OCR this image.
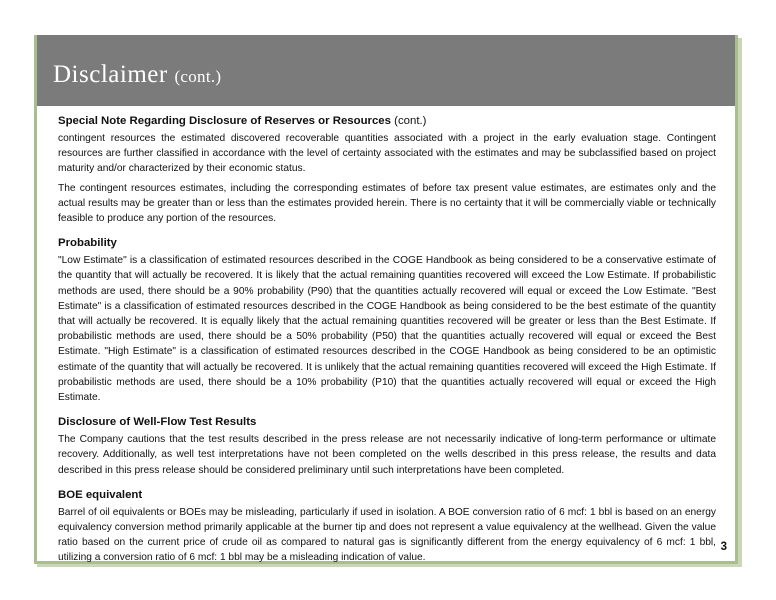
Disclaimer (cont.)
Special Note Regarding Disclosure of Reserves or Resources (cont.)
contingent resources the estimated discovered recoverable quantities associated with a project in the early evaluation stage. Contingent resources are further classified in accordance with the level of certainty associated with the estimates and may be subclassified based on project maturity and/or characterized by their economic status.
The contingent resources estimates, including the corresponding estimates of before tax present value estimates, are estimates only and the actual results may be greater than or less than the estimates provided herein. There is no certainty that it will be commercially viable or technically feasible to produce any portion of the resources.
Probability
"Low Estimate" is a classification of estimated resources described in the COGE Handbook as being considered to be a conservative estimate of the quantity that will actually be recovered. It is likely that the actual remaining quantities recovered will exceed the Low Estimate. If probabilistic methods are used, there should be a 90% probability (P90) that the quantities actually recovered will equal or exceed the Low Estimate. "Best Estimate" is a classification of estimated resources described in the COGE Handbook as being considered to be the best estimate of the quantity that will actually be recovered. It is equally likely that the actual remaining quantities recovered will be greater or less than the Best Estimate. If probabilistic methods are used, there should be a 50% probability (P50) that the quantities actually recovered will equal or exceed the Best Estimate. "High Estimate" is a classification of estimated resources described in the COGE Handbook as being considered to be an optimistic estimate of the quantity that will actually be recovered. It is unlikely that the actual remaining quantities recovered will exceed the High Estimate. If probabilistic methods are used, there should be a 10% probability (P10) that the quantities actually recovered will equal or exceed the High Estimate.
Disclosure of Well-Flow Test Results
The Company cautions that the test results described in the press release are not necessarily indicative of long-term performance or ultimate recovery. Additionally, as well test interpretations have not been completed on the wells described in this press release, the results and data described in this press release should be considered preliminary until such interpretations have been completed.
BOE equivalent
Barrel of oil equivalents or BOEs may be misleading, particularly if used in isolation. A BOE conversion ratio of 6 mcf: 1 bbl is based on an energy equivalency conversion method primarily applicable at the burner tip and does not represent a value equivalency at the wellhead. Given the value ratio based on the current price of crude oil as compared to natural gas is significantly different from the energy equivalency of 6 mcf: 1 bbl, utilizing a conversion ratio of 6 mcf: 1 bbl may be a misleading indication of value.
3
